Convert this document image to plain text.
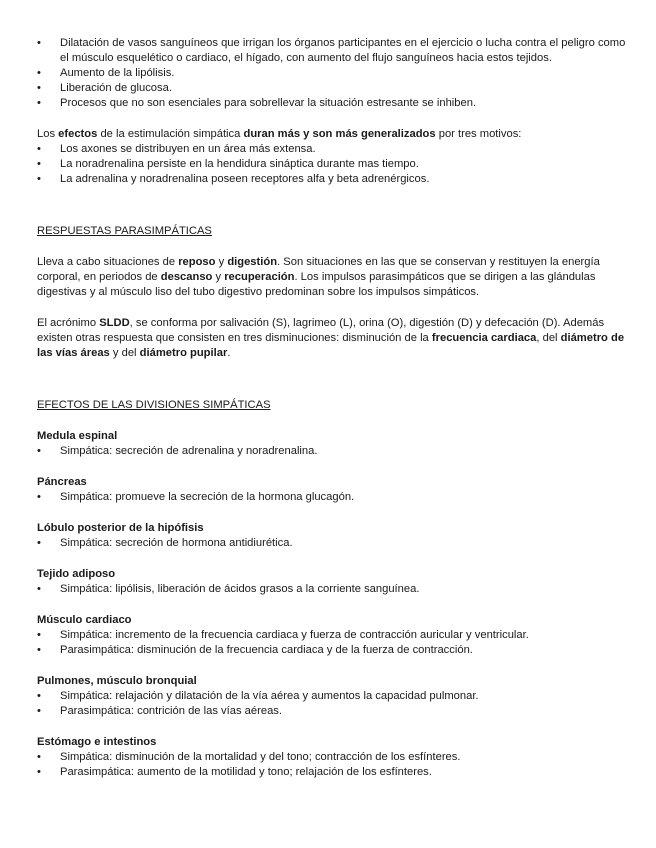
• Dilatación de vasos sanguíneos que irrigan los órganos participantes en el ejercicio o lucha contra el peligro como el músculo esquelético o cardiaco, el hígado, con aumento del flujo sanguíneos hacia estos tejidos.
• Aumento de la lipólisis.
• Liberación de glucosa.
• Procesos que no son esenciales para sobrellevar la situación estresante se inhiben.

Los efectos de la estimulación simpática duran más y son más generalizados por tres motivos:

• Los axones se distribuyen en un área más extensa.
• La noradrenalina persiste en la hendidura sináptica durante mas tiempo.
• La adrenalina y noradrenalina poseen receptores alfa y beta adrenérgicos.

RESPUESTAS PARASIMPÁTICAS

Lleva a cabo situaciones de reposo y digestión. Son situaciones en las que se conservan y restituyen la energía corporal, en periodos de descanso y recuperación. Los impulsos parasimpáticos que se dirigen a las glándulas digestivas y al músculo liso del tubo digestivo predominan sobre los impulsos simpáticos.

El acrónimo SLDD, se conforma por salivación (S), lagrimeo (L), orina (O), digestión (D) y defecación (D). Además existen otras respuesta que consisten en tres disminuciones: disminución de la frecuencia cardiaca, del diámetro de las vías áreas y del diámetro pupilar.

EFECTOS DE LAS DIVISIONES SIMPÁTICAS

Medula espinal

• Simpática: secreción de adrenalina y noradrenalina.

Páncreas

• Simpática: promueve la secreción de la hormona glucagón.

Lóbulo posterior de la hipófisis

• Simpática: secreción de hormona antidiurética.

Tejido adiposo

• Simpática: lipólisis, liberación de ácidos grasos a la corriente sanguínea.

Músculo cardiaco

• Simpática: incremento de la frecuencia cardiaca y fuerza de contracción auricular y ventricular.
• Parasimpática: disminución de la frecuencia cardiaca y de la fuerza de contracción.

Pulmones, músculo bronquial

• Simpática: relajación y dilatación de la vía aérea y aumentos la capacidad pulmonar.
• Parasimpática: contrición de las vías aéreas.

Estómago e intestinos

• Simpática: disminución de la mortalidad y del tono; contracción de los esfínteres.
• Parasimpática: aumento de la motilidad y tono; relajación de los esfínteres.
